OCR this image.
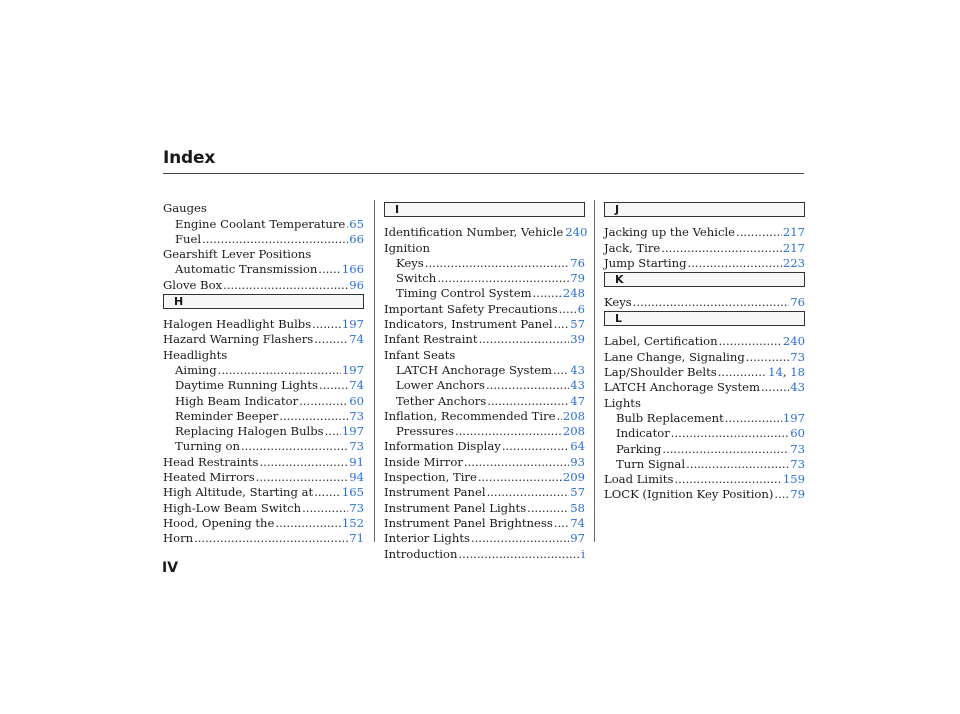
Index
Gauges
Engine Coolant Temperature ..... 65
Fuel .....	66
Gearshift Lever Positions
Automatic Transmission ..... 166
Glove Box .....	96
H
Halogen Headlight Bulbs .....	197
Hazard Warning Flashers .....	74
Headlights
Aiming .....	197
Daytime Running Lights .....	74
High Beam Indicator .....	60
Reminder Beeper .....	73
Replacing Halogen Bulbs ..... 197
Turning on .....	73
Head Restraints .....	91
Heated Mirrors .....	94
High Altitude, Starting at ..... 165
High-Low Beam Switch .....	73
Hood, Opening the .....	152
Horn .....	71
I
Identification Number, Vehicle 240
Ignition
Keys .....	76
Switch .....	79
Timing Control System .....	248
Important Safety Precautions ..... 6
Indicators, Instrument Panel ..... 57
Infant Restraint .....	39
Infant Seats
LATCH Anchorage System ..... 43
Lower Anchors .....	43
Tether Anchors .....	47
Inflation, Recommended Tire ..... 208
Pressures .....	208
Information Display .....	64
Inside Mirror .....	93
Inspection, Tire .....	209
Instrument Panel .....	57
Instrument Panel Lights .....	58
Instrument Panel Brightness ..... 74
Interior Lights .....	97
Introduction .....	i
J
Jacking up the Vehicle .....	217
Jack, Tire .....	217
Jump Starting .....	223
K
Keys .....	76
L
Label, Certification .....	240
Lane Change, Signaling .....	73
Lap/Shoulder Belts .....	14, 18
LATCH Anchorage System .....	43
Lights
Bulb Replacement .....	197
Indicator .....	60
Parking .....	73
Turn Signal .....	73
Load Limits .....	159
LOCK (Ignition Key Position) ..... 79
IV
